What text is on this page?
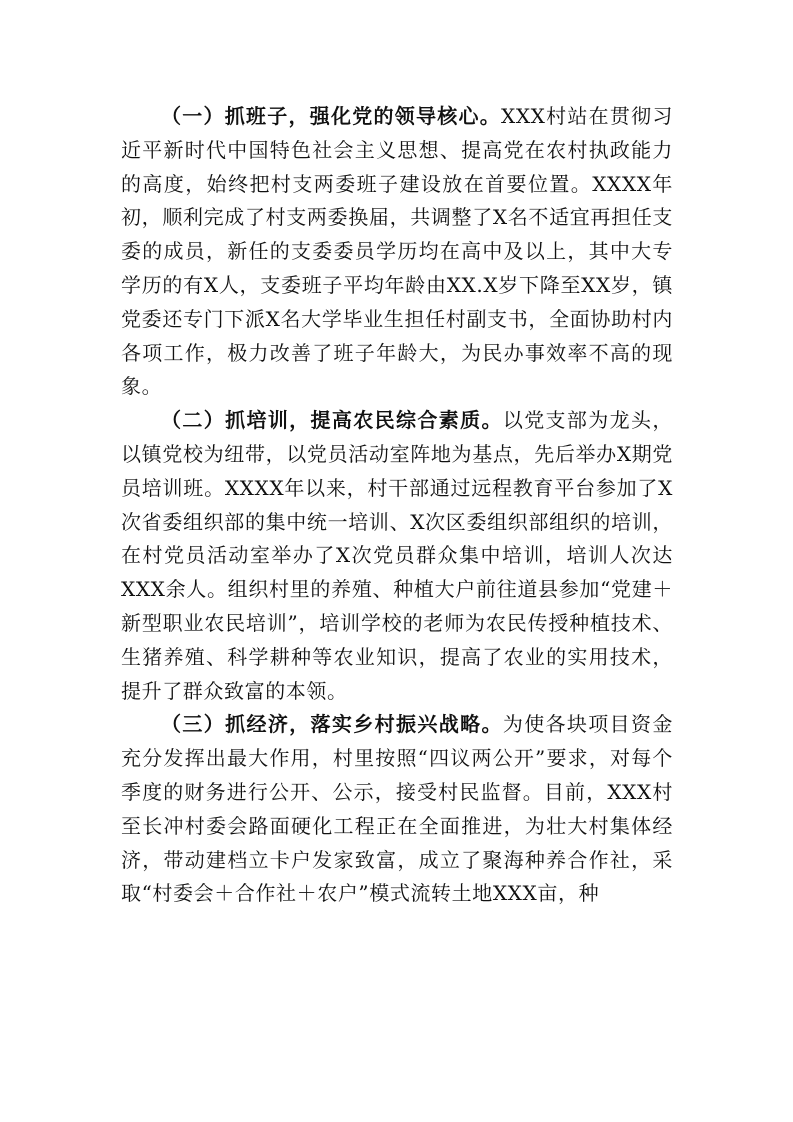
（一）抓班子，强化党的领导核心。XXX村站在贯彻习近平新时代中国特色社会主义思想、提高党在农村执政能力的高度，始终把村支两委班子建设放在首要位置。XXXX年初，顺利完成了村支两委换届，共调整了X名不适宜再担任支委的成员，新任的支委委员学历均在高中及以上，其中大专学历的有X人，支委班子平均年龄由XX.X岁下降至XX岁，镇党委还专门下派X名大学毕业生担任村副支书，全面协助村内各项工作，极力改善了班子年龄大，为民办事效率不高的现象。

（二）抓培训，提高农民综合素质。以党支部为龙头，以镇党校为纽带，以党员活动室阵地为基点，先后举办X期党员培训班。XXXX年以来，村干部通过远程教育平台参加了X次省委组织部的集中统一培训、X次区委组织部组织的培训，在村党员活动室举办了X次党员群众集中培训，培训人次达XXX余人。组织村里的养殖、种植大户前往道县参加“党建＋新型职业农民培训”，培训学校的老师为农民传授种植技术、生猪养殖、科学耕种等农业知识，提高了农业的实用技术，提升了群众致富的本领。

（三）抓经济，落实乡村振兴战略。为使各块项目资金充分发挥出最大作用，村里按照“四议两公开”要求，对每个季度的财务进行公开、公示，接受村民监督。目前，XXX村至长冲村委会路面硬化工程正在全面推进，为壮大村集体经济，带动建档立卡户发家致富，成立了聚海种养合作社，采取“村委会＋合作社＋农户”模式流转土地XXX亩，种
